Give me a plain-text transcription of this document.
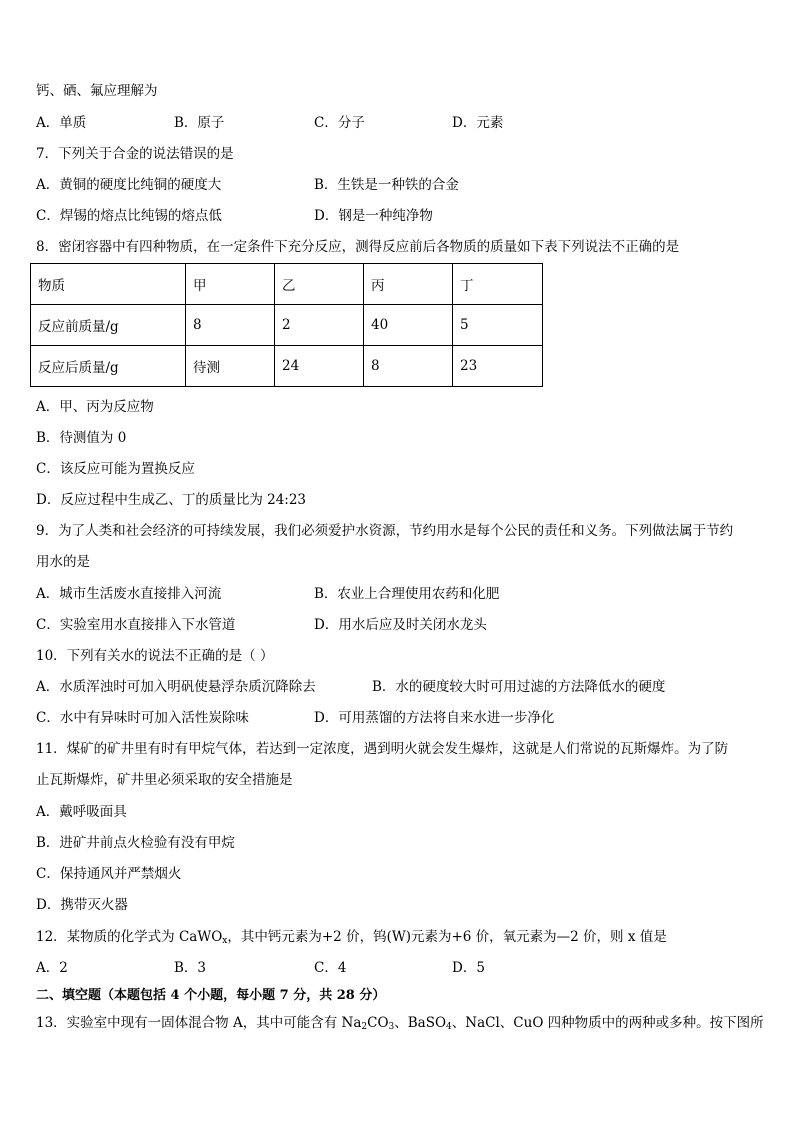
钙、硒、氟应理解为
A．单质	B．原子	C．分子	D．元素
7．下列关于合金的说法错误的是
A．黄铜的硬度比纯铜的硬度大	B．生铁是一种铁的合金
C．焊锡的熔点比纯锡的熔点低	D．钢是一种纯净物
8．密闭容器中有四种物质，在一定条件下充分反应，测得反应前后各物质的质量如下表下列说法不正确的是
物质	甲	乙	丙	丁
反应前质量/g	8	2	40	5
反应后质量/g	待测	24	8	23
A．甲、丙为反应物
B．待测值为 0
C．该反应可能为置换反应
D．反应过程中生成乙、丁的质量比为 24:23
9．为了人类和社会经济的可持续发展，我们必须爱护水资源，节约用水是每个公民的责任和义务。下列做法属于节约
用水的是
A．城市生活废水直接排入河流	B．农业上合理使用农药和化肥
C．实验室用水直接排入下水管道	D．用水后应及时关闭水龙头
10．下列有关水的说法不正确的是（ ）
A．水质浑浊时可加入明矾使悬浮杂质沉降除去	B．水的硬度较大时可用过滤的方法降低水的硬度
C．水中有异味时可加入活性炭除味	D．可用蒸馏的方法将自来水进一步净化
11．煤矿的矿井里有时有甲烷气体，若达到一定浓度，遇到明火就会发生爆炸，这就是人们常说的瓦斯爆炸。为了防
止瓦斯爆炸，矿井里必须采取的安全措施是
A．戴呼吸面具
B．进矿井前点火检验有没有甲烷
C．保持通风并严禁烟火
D．携带灭火器
12．某物质的化学式为 CaWO$_x$，其中钙元素为+2 价，钨(W)元素为+6 价，氧元素为—2 价，则 x 值是
A．2	B．3	C．4	D．5
二、填空题（本题包括 4 个小题，每小题 7 分，共 28 分）
13．实验室中现有一固体混合物 A，其中可能含有 $Na_2CO_3$、BaSO$_4$、NaCl、CuO 四种物质中的两种或多种。按下图所
